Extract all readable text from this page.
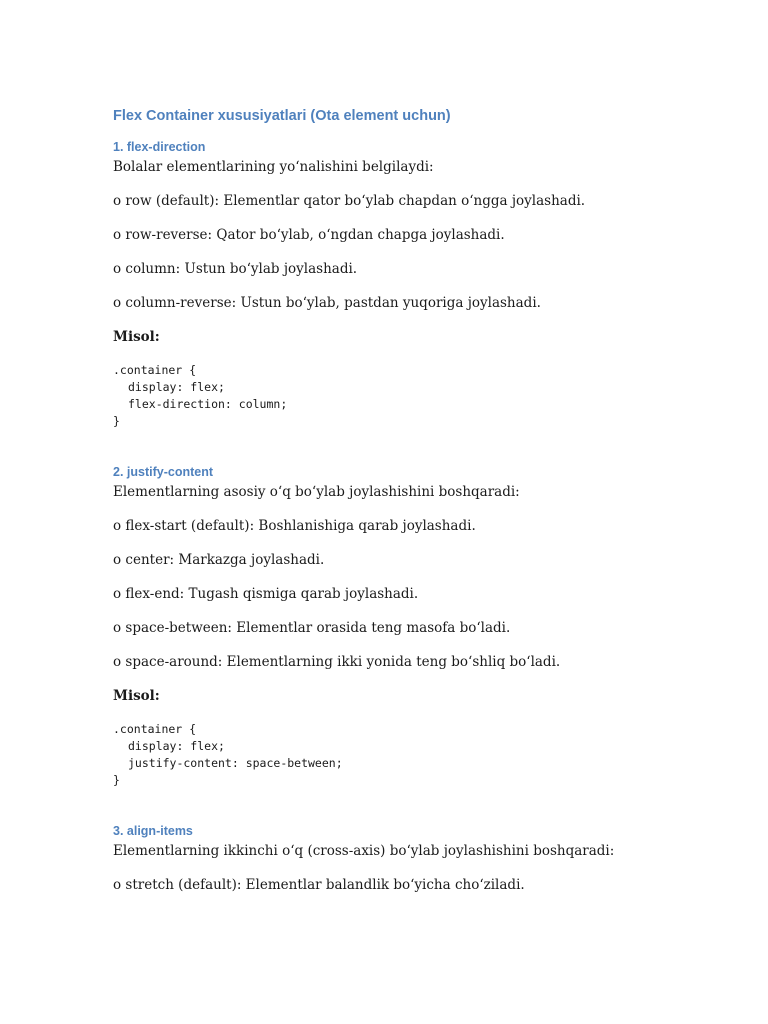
Flex Container xususiyatlari (Ota element uchun)
1. flex-direction

Bolalar elementlarining yo‘nalishini belgilaydi:

o row (default): Elementlar qator bo‘ylab chapdan o‘ngga joylashadi.

o row-reverse: Qator bo‘ylab, o‘ngdan chapga joylashadi.

o column: Ustun bo‘ylab joylashadi.

o column-reverse: Ustun bo‘ylab, pastdan yuqoriga joylashadi.

Misol:

.container {
display: flex;
flex-direction: column;
}
2. justify-content

Elementlarning asosiy o‘q bo‘ylab joylashishini boshqaradi:

o flex-start (default): Boshlanishiga qarab joylashadi.

o center: Markazga joylashadi.

o flex-end: Tugash qismiga qarab joylashadi.

o space-between: Elementlar orasida teng masofa bo‘ladi.

o space-around: Elementlarning ikki yonida teng bo‘shliq bo‘ladi.

Misol:

.container {
display: flex;
justify-content: space-between;
}
3. align-items

Elementlarning ikkinchi o‘q (cross-axis) bo‘ylab joylashishini boshqaradi:

o stretch (default): Elementlar balandlik bo‘yicha cho‘ziladi.
